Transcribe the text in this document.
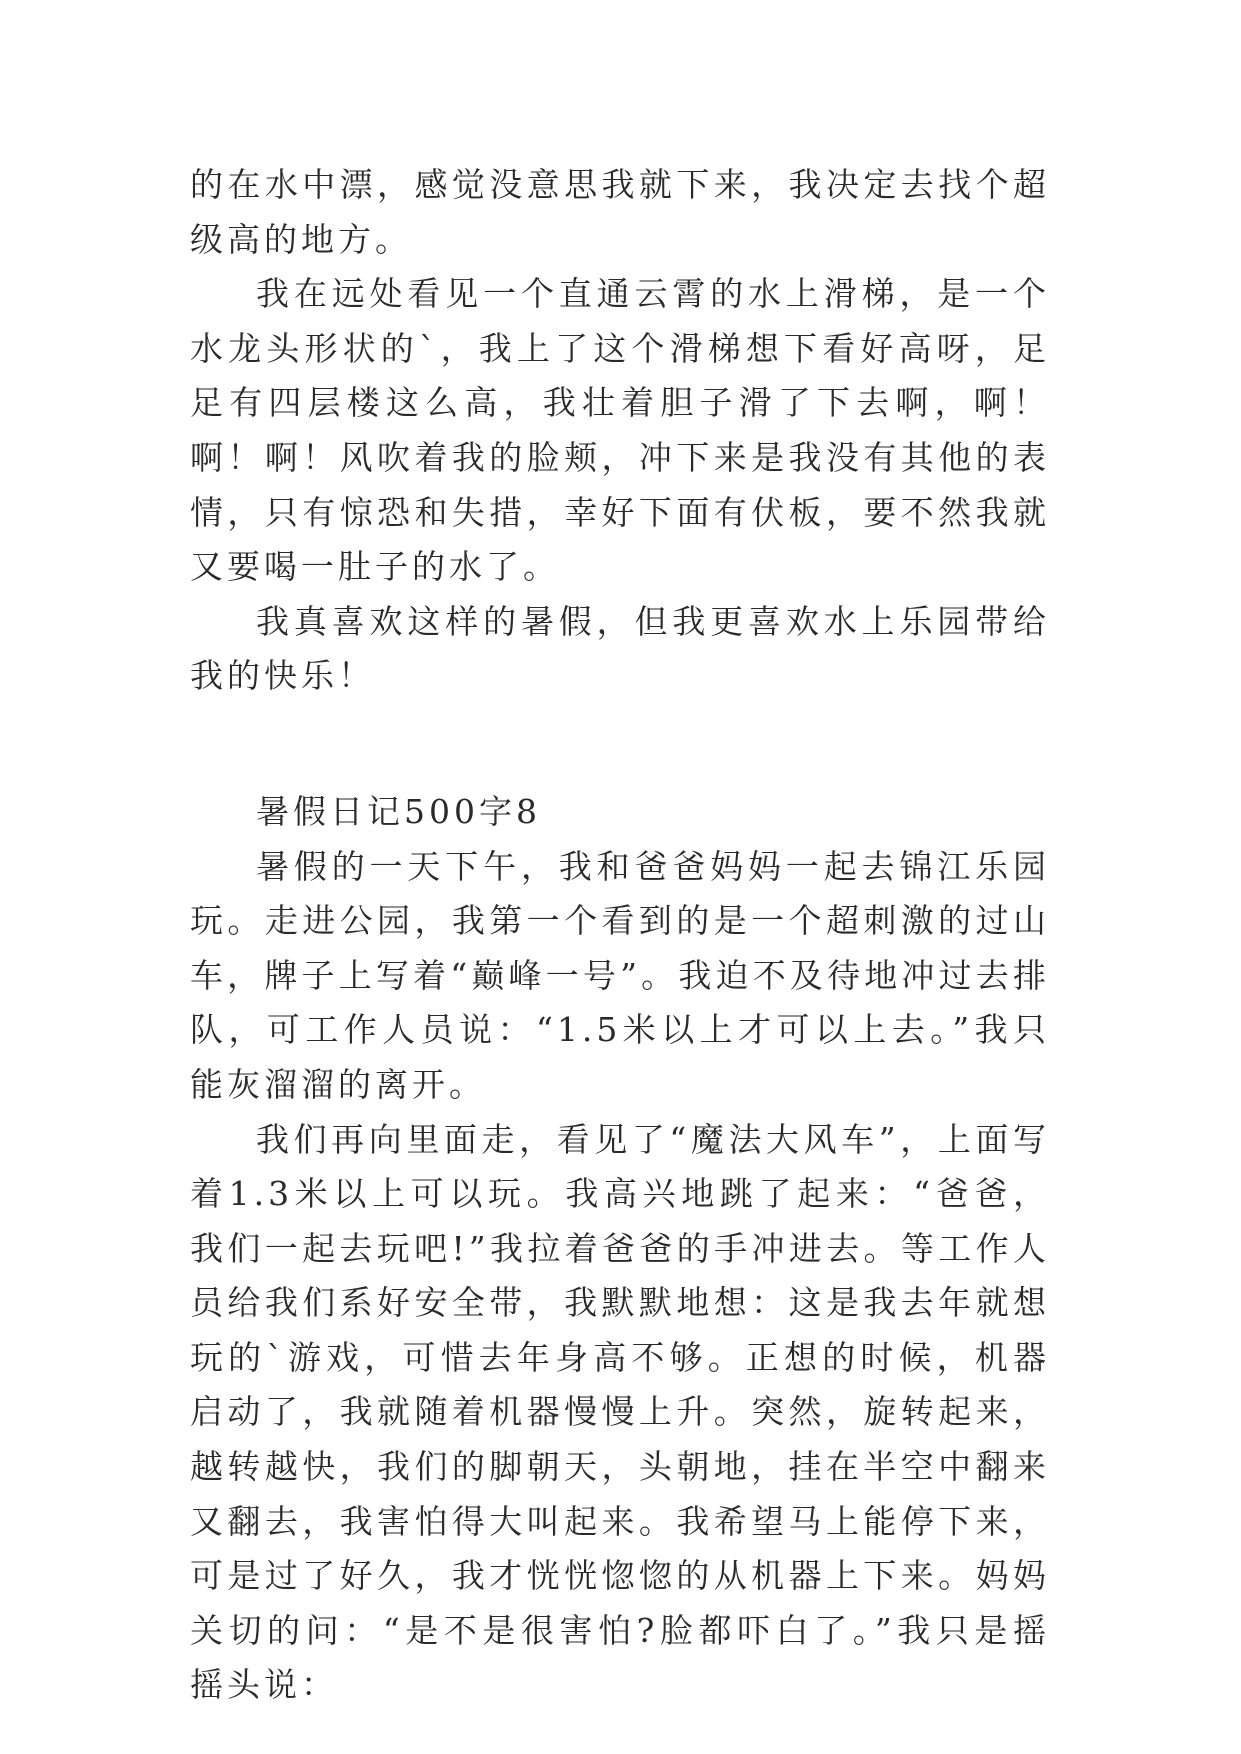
的在水中漂，感觉没意思我就下来，我决定去找个超级高的地方。

我在远处看见一个直通云霄的水上滑梯，是一个水龙头形状的`，我上了这个滑梯想下看好高呀，足足有四层楼这么高，我壮着胆子滑了下去啊，啊！啊！啊！风吹着我的脸颊，冲下来是我没有其他的表情，只有惊恐和失措，幸好下面有伏板，要不然我就又要喝一肚子的水了。

我真喜欢这样的暑假，但我更喜欢水上乐园带给我的快乐！

暑假日记500字8

暑假的一天下午，我和爸爸妈妈一起去锦江乐园玩。走进公园，我第一个看到的是一个超刺激的过山车，牌子上写着“巅峰一号”。我迫不及待地冲过去排队，可工作人员说：“1.5米以上才可以上去。”我只能灰溜溜的离开。

我们再向里面走，看见了“魔法大风车”，上面写着1.3米以上可以玩。我高兴地跳了起来：“爸爸，我们一起去玩吧!”我拉着爸爸的手冲进去。等工作人员给我们系好安全带，我默默地想：这是我去年就想玩的`游戏，可惜去年身高不够。正想的时候，机器启动了，我就随着机器慢慢上升。突然，旋转起来，越转越快，我们的脚朝天，头朝地，挂在半空中翻来又翻去，我害怕得大叫起来。我希望马上能停下来，可是过了好久，我才恍恍惚惚的从机器上下来。妈妈关切的问：“是不是很害怕?脸都吓白了。”我只是摇摇头说：
